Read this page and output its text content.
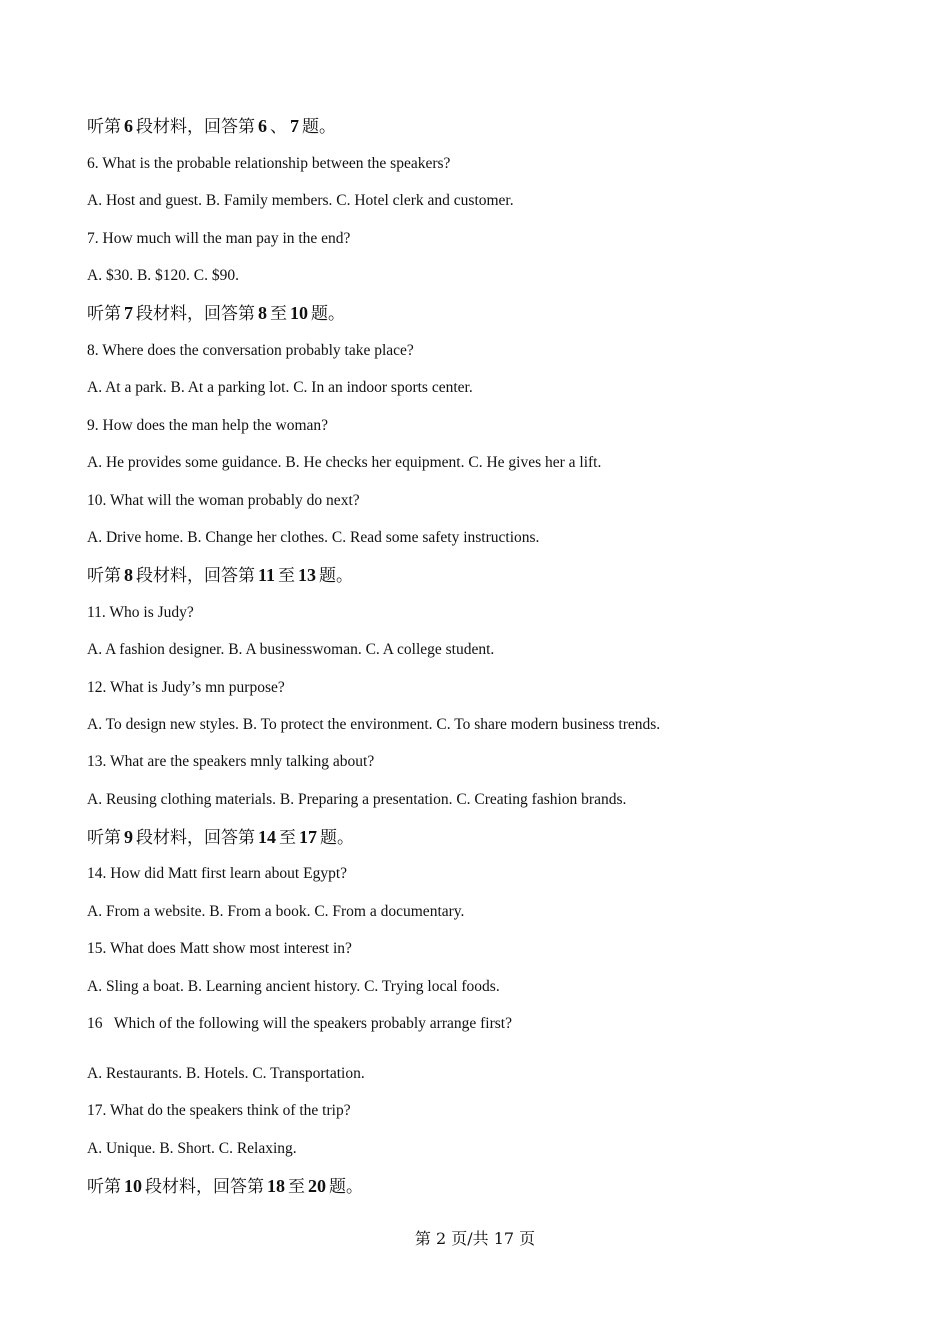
听第 6 段材料，回答第 6 、 7 题。

6. What is the probable relationship between the speakers?

A. Host and guest. B. Family members. C. Hotel clerk and customer.

7. How much will the man pay in the end?

A. $30. B. $120. C. $90.

听第 7 段材料，回答第 8 至 10 题。

8. Where does the conversation probably take place?

A. At a park. B. At a parking lot. C. In an indoor sports center.

9. How does the man help the woman?

A. He provides some guidance. B. He checks her equipment. C. He gives her a lift.

10. What will the woman probably do next?

A. Drive home. B. Change her clothes. C. Read some safety instructions.

听第 8 段材料，回答第 11 至 13 题。

11. Who is Judy?

A. A fashion designer. B. A businesswoman. C. A college student.

12. What is Judy’s mn purpose?

A. To design new styles. B. To protect the environment. C. To share modern business trends.

13. What are the speakers mnly talking about?

A. Reusing clothing materials. B. Preparing a presentation. C. Creating fashion brands.

听第 9 段材料，回答第 14 至 17 题。

14. How did Matt first learn about Egypt?

A. From a website. B. From a book. C. From a documentary.

15. What does Matt show most interest in?

A. Sling a boat. B. Learning ancient history. C. Trying local foods.

16   Which of the following will the speakers probably arrange first?

A. Restaurants. B. Hotels. C. Transportation.

17. What do the speakers think of the trip?

A. Unique. B. Short. C. Relaxing.

听第 10 段材料，回答第 18 至 20 题。

第 2 页/共 17 页
